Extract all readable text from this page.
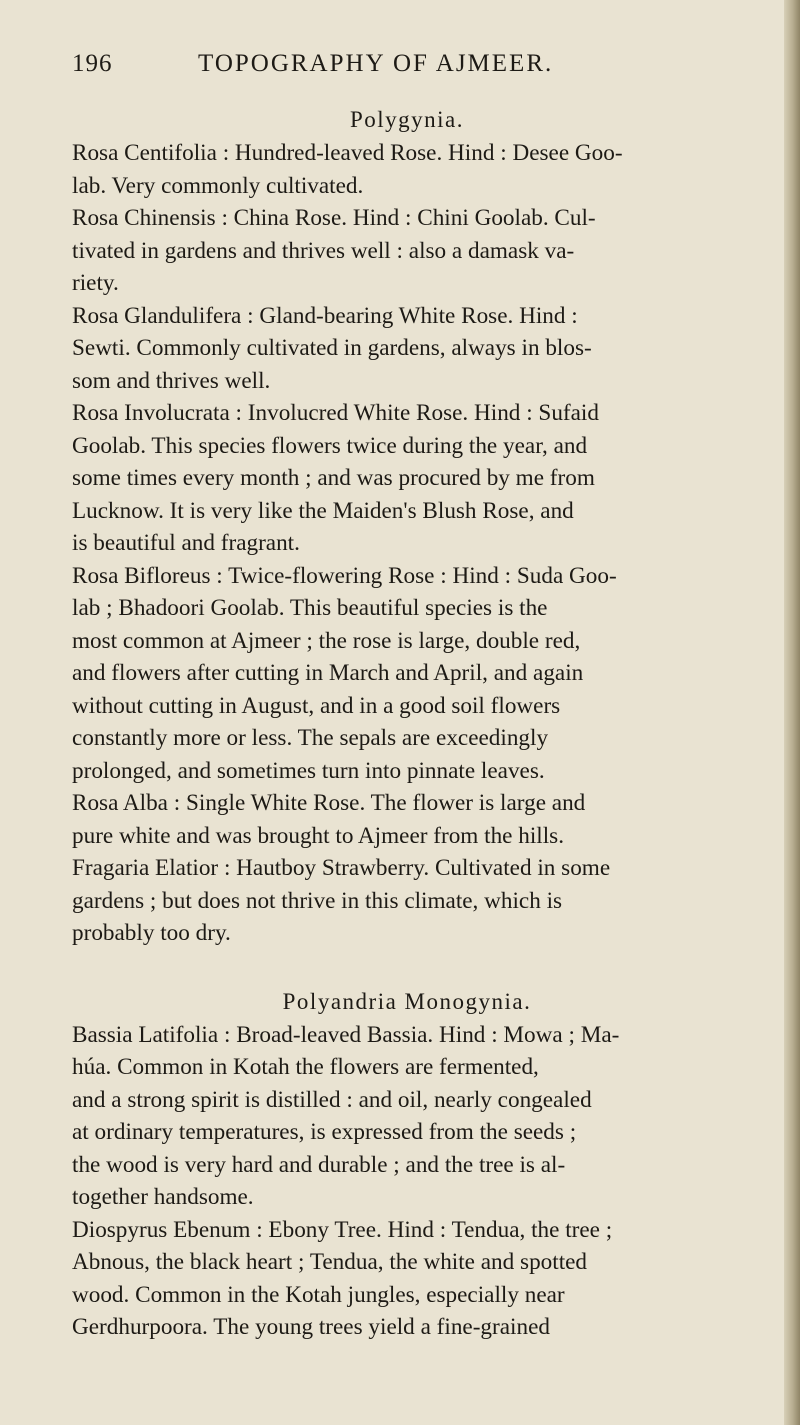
196	TOPOGRAPHY OF AJMEER.

Polygynia.

Rosa Centifolia : Hundred-leaved Rose. Hind : Desee Goo-
lab. Very commonly cultivated.

Rosa Chinensis : China Rose. Hind : Chini Goolab. Cul-
tivated in gardens and thrives well : also a damask va-
riety.

Rosa Glandulifera : Gland-bearing White Rose. Hind :
Sewti. Commonly cultivated in gardens, always in blos-
som and thrives well.

Rosa Involucrata : Involucred White Rose. Hind : Sufaid
Goolab. This species flowers twice during the year, and
some times every month ; and was procured by me from
Lucknow. It is very like the Maiden's Blush Rose, and
is beautiful and fragrant.

Rosa Bifloreus : Twice-flowering Rose : Hind : Suda Goo-
lab ; Bhadoori Goolab. This beautiful species is the
most common at Ajmeer ; the rose is large, double red,
and flowers after cutting in March and April, and again
without cutting in August, and in a good soil flowers
constantly more or less. The sepals are exceedingly
prolonged, and sometimes turn into pinnate leaves.

Rosa Alba : Single White Rose. The flower is large and
pure white and was brought to Ajmeer from the hills.

Fragaria Elatior : Hautboy Strawberry. Cultivated in some
gardens ; but does not thrive in this climate, which is
probably too dry.

Polyandria Monogynia.

Bassia Latifolia : Broad-leaved Bassia. Hind : Mowa ; Ma-
húa. Common in Kotah the flowers are fermented,
and a strong spirit is distilled : and oil, nearly congealed
at ordinary temperatures, is expressed from the seeds ;
the wood is very hard and durable ; and the tree is al-
together handsome.

Diospyrus Ebenum : Ebony Tree. Hind : Tendua, the tree ;
Abnous, the black heart ; Tendua, the white and spotted
wood. Common in the Kotah jungles, especially near
Gerdhurpoora. The young trees yield a fine-grained
